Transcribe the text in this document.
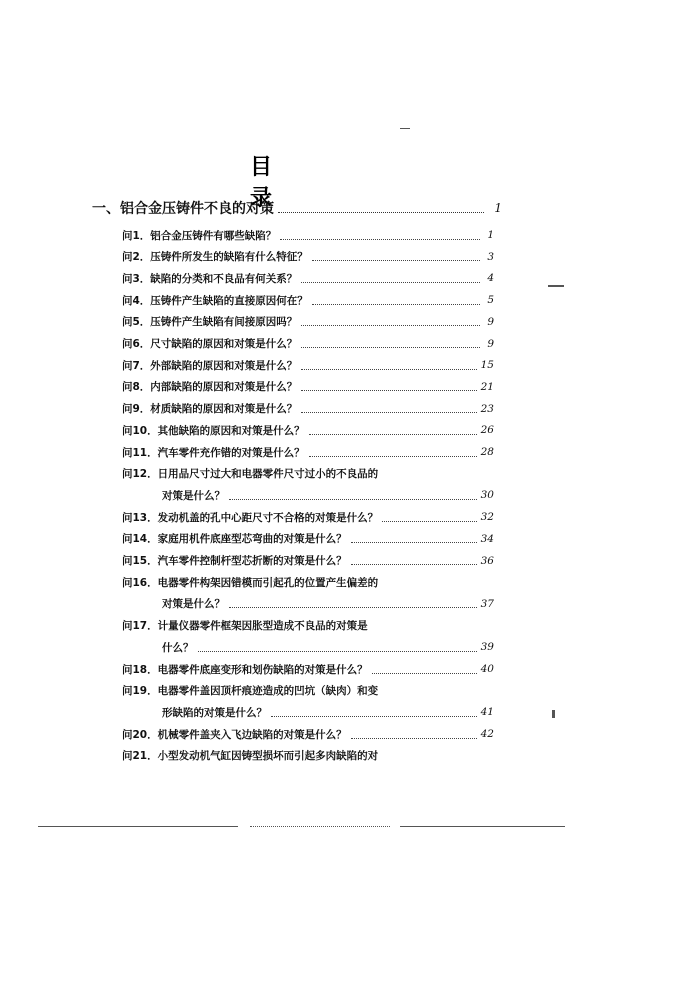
目 录
一、铝合金压铸件不良的对策	1
问1．铝合金压铸件有哪些缺陷？	1
问2．压铸件所发生的缺陷有什么特征？	3
问3．缺陷的分类和不良品有何关系？	4
问4．压铸件产生缺陷的直接原因何在？	5
问5．压铸件产生缺陷有间接原因吗？	9
问6．尺寸缺陷的原因和对策是什么？	9
问7．外部缺陷的原因和对策是什么？	15
问8．内部缺陷的原因和对策是什么？	21
问9．材质缺陷的原因和对策是什么？	23
问10．其他缺陷的原因和对策是什么？	26
问11．汽车零件充作错的对策是什么？	28
问12．日用品尺寸过大和电器零件尺寸过小的不良品的
对策是什么？	30
问13．发动机盖的孔中心距尺寸不合格的对策是什么？	32
问14．家庭用机件底座型芯弯曲的对策是什么？	34
问15．汽车零件控制杆型芯折断的对策是什么？	36
问16．电器零件构架因错模而引起孔的位置产生偏差的
对策是什么？	37
问17．计量仪器零件框架因胀型造成不良品的对策是
什么？	39
问18．电器零件底座变形和划伤缺陷的对策是什么？	40
问19．电器零件盖因顶杆痕迹造成的凹坑（缺肉）和变
形缺陷的对策是什么？	41
问20．机械零件盖夹入飞边缺陷的对策是什么？	42
问21．小型发动机气缸因铸型损坏而引起多肉缺陷的对
